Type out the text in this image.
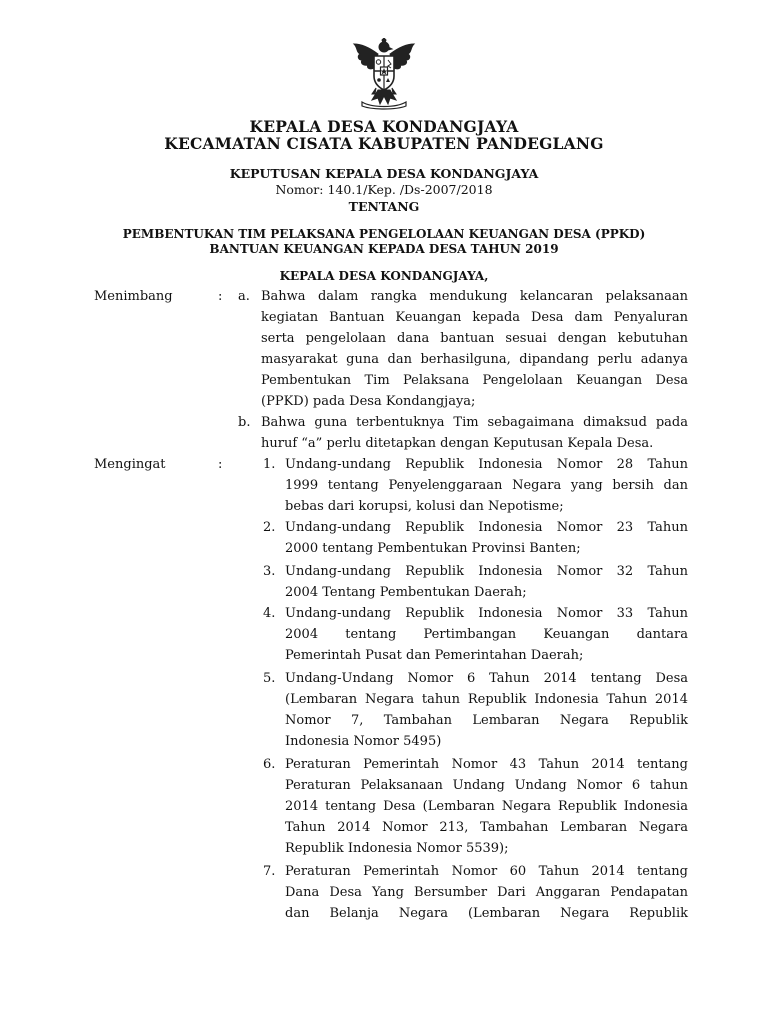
KEPALA DESA KONDANGJAYA
KECAMATAN CISATA KABUPATEN PANDEGLANG
KEPUTUSAN KEPALA DESA KONDANGJAYA
Nomor: 140.1/Kep. /Ds-2007/2018
TENTANG
PEMBENTUKAN TIM PELAKSANA PENGELOLAAN KEUANGAN DESA (PPKD)
BANTUAN KEUANGAN KEPADA DESA TAHUN 2019
KEPALA DESA KONDANGJAYA,
Menimbang	: a. Bahwa dalam rangka mendukung kelancaran pelaksanaan
kegiatan Bantuan Keuangan kepada Desa dam Penyaluran
serta pengelolaan dana bantuan sesuai dengan kebutuhan
masyarakat guna dan berhasilguna, dipandang perlu adanya
Pembentukan Tim Pelaksana Pengelolaan Keuangan Desa
(PPKD) pada Desa Kondangjaya;
b. Bahwa guna terbentuknya Tim sebagaimana dimaksud pada
huruf “a” perlu ditetapkan dengan Keputusan Kepala Desa.
Mengingat	:	1. Undang-undang Republik Indonesia Nomor 28 Tahun
1999 tentang Penyelenggaraan Negara yang bersih dan
bebas dari korupsi, kolusi dan Nepotisme;
2. Undang-undang Republik Indonesia Nomor 23 Tahun
2000 tentang Pembentukan Provinsi Banten;
3. Undang-undang Republik Indonesia Nomor 32 Tahun
2004 Tentang Pembentukan Daerah;
4. Undang-undang Republik Indonesia Nomor 33 Tahun
2004 tentang Pertimbangan Keuangan dantara
Pemerintah Pusat dan Pemerintahan Daerah;
5. Undang-Undang Nomor 6 Tahun 2014 tentang Desa
(Lembaran Negara tahun Republik Indonesia Tahun 2014
Nomor 7, Tambahan Lembaran Negara Republik
Indonesia Nomor 5495)
6. Peraturan Pemerintah Nomor 43 Tahun 2014 tentang
Peraturan Pelaksanaan Undang Undang Nomor 6 tahun
2014 tentang Desa (Lembaran Negara Republik Indonesia
Tahun 2014 Nomor 213, Tambahan Lembaran Negara
Republik Indonesia Nomor 5539);
7. Peraturan Pemerintah Nomor 60 Tahun 2014 tentang
Dana Desa Yang Bersumber Dari Anggaran Pendapatan
dan Belanja Negara (Lembaran Negara Republik
